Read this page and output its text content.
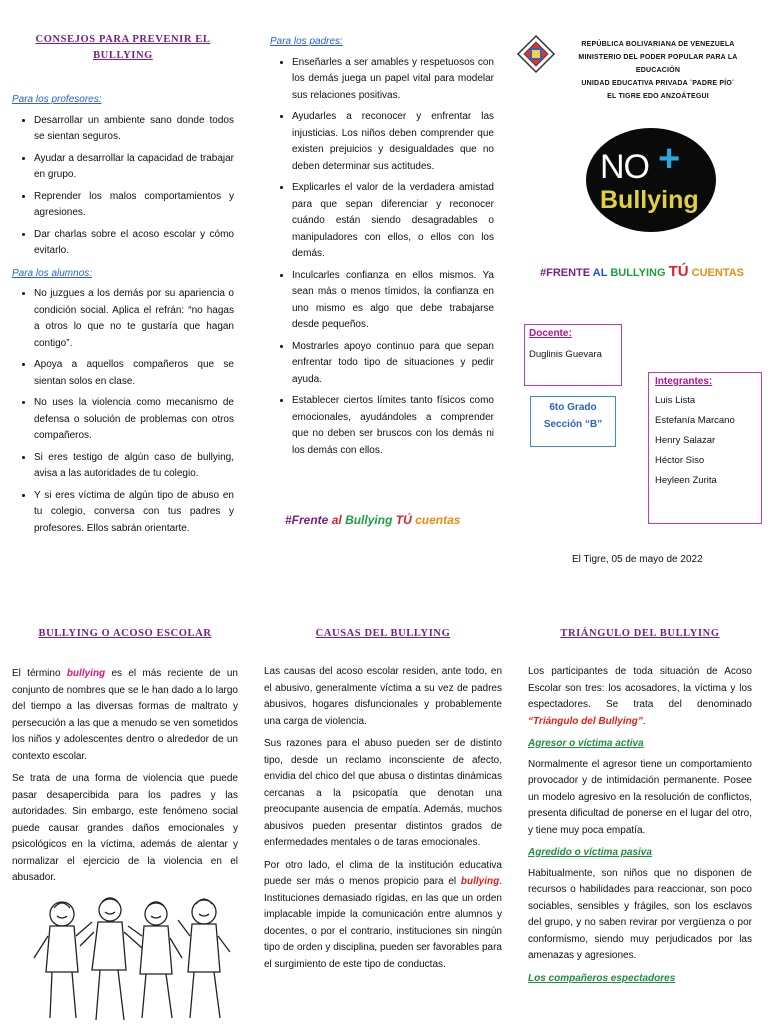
CONSEJOS PARA PREVENIR EL BULLYING
Para los profesores:
• Desarrollar un ambiente sano donde todos se sientan seguros.
• Ayudar a desarrollar la capacidad de trabajar en grupo.
• Reprender los malos comportamientos y agresiones.
• Dar charlas sobre el acoso escolar y cómo evitarlo.
Para los alumnos:
• No juzgues a los demás por su apariencia o condición social. Aplica el refrán: “no hagas a otros lo que no te gustaría que hagan contigo”.
• Apoya a aquellos compañeros que se sientan solos en clase.
• No uses la violencia como mecanismo de defensa o solución de problemas con otros compañeros.
• Si eres testigo de algún caso de bullying, avisa a las autoridades de tu colegio.
• Y si eres víctima de algún tipo de abuso en tu colegio, conversa con tus padres y profesores. Ellos sabrán orientarte.
Para los padres:
• Enseñarles a ser amables y respetuosos con los demás juega un papel vital para modelar sus relaciones positivas.
• Ayudarles a reconocer y enfrentar las injusticias. Los niños deben comprender que existen prejuicios y desigualdades que no deben determinar sus actitudes.
• Explicarles el valor de la verdadera amistad para que sepan diferenciar y reconocer cuándo están siendo desagradables o manipuladores con ellos, o ellos con los demás.
• Inculcarles confianza en ellos mismos. Ya sean más o menos tímidos, la confianza en uno mismo es algo que debe trabajarse desde pequeños.
• Mostrarles apoyo continuo para que sepan enfrentar todo tipo de situaciones y pedir ayuda.
• Establecer ciertos límites tanto físicos como emocionales, ayudándoles a comprender que no deben ser bruscos con los demás ni los demás con ellos.
#Frente al Bullying TÚ cuentas
REPÚBLICA BOLIVARIANA DE VENEZUELA
MINISTERIO DEL PODER POPULAR PARA LA EDUCACIÓN
UNIDAD EDUCATIVA PRIVADA ¨PADRE PÍO¨
EL TIGRE EDO ANZOÁTEGUI
NO +
Bullying
#FRENTE AL BULLYING TÚ CUENTAS
Docente:
Duglinis Guevara
6to Grado
Sección “B”
Integrantes:
Luis Lista
Estefanía Marcano
Henry Salazar
Héctor Siso
Heyleen Zurita
El Tigre, 05 de mayo de 2022
BULLYING O ACOSO ESCOLAR

El término bullying es el más reciente de un conjunto de nombres que se le han dado a lo largo del tiempo a las diversas formas de maltrato y persecución a las que a menudo se ven sometidos los niños y adolescentes dentro o alrededor de un contexto escolar.

Se trata de una forma de violencia que puede pasar desapercibida para los padres y las autoridades. Sin embargo, este fenómeno social puede causar grandes daños emocionales y psicológicos en la víctima, además de alentar y normalizar el ejercicio de la violencia en el abusador.

CAUSAS DEL BULLYING

Las causas del acoso escolar residen, ante todo, en el abusivo, generalmente víctima a su vez de padres abusivos, hogares disfuncionales y probablemente una carga de violencia.

Sus razones para el abuso pueden ser de distinto tipo, desde un reclamo inconsciente de afecto, envidia del chico del que abusa o distintas dinámicas cercanas a la psicopatía que denotan una preocupante ausencia de empatía. Además, muchos abusivos pueden presentar distintos grados de enfermedades mentales o de taras emocionales.

Por otro lado, el clima de la institución educativa puede ser más o menos propicio para el bullying. Instituciones demasiado rígidas, en las que un orden implacable impide la comunicación entre alumnos y docentes, o por el contrario, instituciones sin ningún tipo de orden y disciplina, pueden ser favorables para el surgimiento de este tipo de conductas.

TRIÁNGULO DEL BULLYING

Los participantes de toda situación de Acoso Escolar son tres: los acosadores, la víctima y los espectadores. Se trata del denominado “Triángulo del Bullying”.

Agresor o víctima activa

Normalmente el agresor tiene un comportamiento provocador y de intimidación permanente. Posee un modelo agresivo en la resolución de conflictos, presenta dificultad de ponerse en el lugar del otro, y tiene muy poca empatía.

Agredido o víctima pasiva

Habitualmente, son niños que no disponen de recursos o habilidades para reaccionar, son poco sociables, sensibles y frágiles, son los esclavos del grupo, y no saben revirar por vergüenza o por conformismo, siendo muy perjudicados por las amenazas y agresiones.

Los compañeros espectadores
